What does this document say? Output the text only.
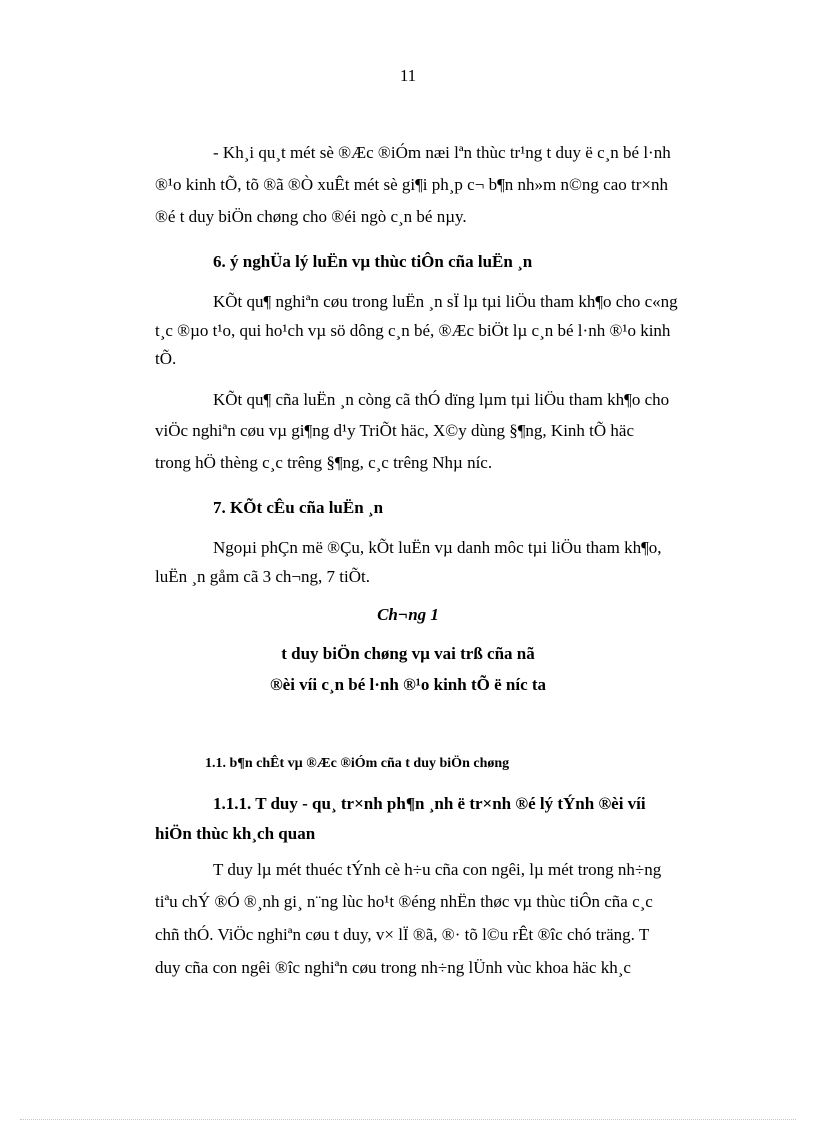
11
- Kh¸i qu¸t mét sè ®Æc ®iÓm næi lªn thùc tr¹ng t duy ë c¸n bé l·nh
®¹o kinh tÕ, tõ ®ã ®Ò xuÊt mét sè gi¶i ph¸p c¬ b¶n nh»m n©ng cao tr×nh
®é t duy biÖn chøng cho ®éi ngò c¸n bé nµy.
6. ý nghÜa lý luËn vµ thùc tiÔn cña luËn ¸n
KÕt qu¶ nghiªn cøu trong luËn ¸n sÏ lµ tµi liÖu tham kh¶o cho c«ng
t¸c ®µo t¹o, qui ho¹ch vµ sö dông c¸n bé, ®Æc biÖt lµ c¸n bé l·nh ®¹o kinh
tÕ.
KÕt qu¶ cña luËn ¸n còng cã thÓ dïng lµm tµi liÖu tham kh¶o cho
viÖc nghiªn cøu vµ gi¶ng d¹y TriÕt häc, X©y dùng §¶ng, Kinh tÕ häc
trong hÖ thèng c¸c trêng §¶ng, c¸c trêng Nhµ níc.
7. KÕt cÊu cña luËn ¸n
Ngoµi phÇn më ®Çu, kÕt luËn vµ danh môc tµi liÖu tham kh¶o,
luËn ¸n gåm cã 3 ch¬ng, 7 tiÕt.
Ch¬ng 1
t duy biÖn chøng vµ vai trß cña nã
®èi víi c¸n bé l·nh ®¹o kinh tÕ ë níc ta
1.1. b¶n chÊt vµ ®Æc ®iÓm cña t duy biÖn chøng
1.1.1. T duy - qu¸ tr×nh ph¶n ¸nh ë tr×nh ®é lý tÝnh ®èi víi
hiÖn thùc kh¸ch quan
T duy lµ mét thuéc tÝnh cè h÷u cña con ngêi, lµ mét trong nh÷ng
tiªu chÝ ®Ó ®¸nh gi¸ n¨ng lùc ho¹t ®éng nhËn thøc vµ thùc tiÔn cña c¸c
chñ thÓ. ViÖc nghiªn cøu t duy, v× lÏ ®ã, ®· tõ l©u rÊt ®îc chó träng. T
duy cña con ngêi ®îc nghiªn cøu trong nh÷ng lÜnh vùc khoa häc kh¸c
